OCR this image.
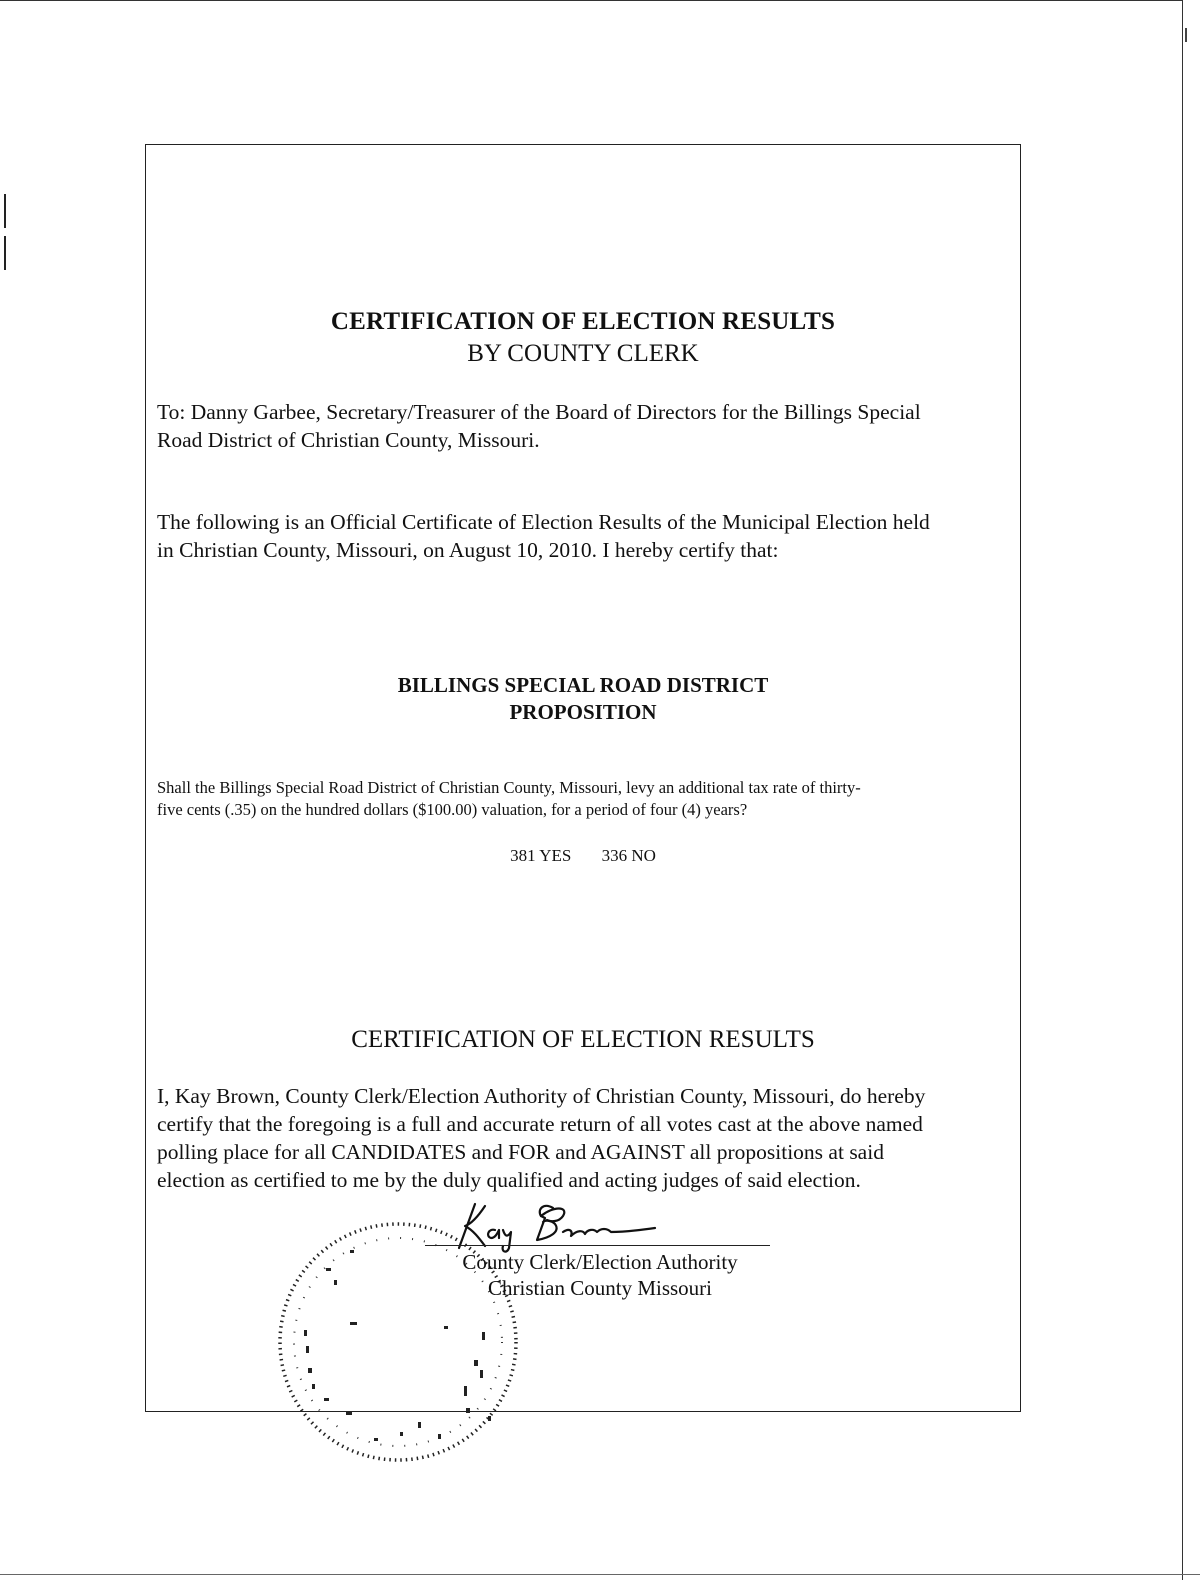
CERTIFICATION OF ELECTION RESULTS
BY COUNTY CLERK
To: Danny Garbee, Secretary/Treasurer of the Board of Directors for the Billings Special
Road District of Christian County, Missouri.
The following is an Official Certificate of Election Results of the Municipal Election held
in Christian County, Missouri, on August 10, 2010. I hereby certify that:
BILLINGS SPECIAL ROAD DISTRICT
PROPOSITION
Shall the Billings Special Road District of Christian County, Missouri, levy an additional tax rate of thirty-
five cents (.35) on the hundred dollars ($100.00) valuation, for a period of four (4) years?
381 YES 336 NO
CERTIFICATION OF ELECTION RESULTS
I, Kay Brown, County Clerk/Election Authority of Christian County, Missouri, do hereby
certify that the foregoing is a full and accurate return of all votes cast at the above named
polling place for all CANDIDATES and FOR and AGAINST all propositions at said
election as certified to me by the duly qualified and acting judges of said election.
County Clerk/Election Authority
Christian County Missouri
